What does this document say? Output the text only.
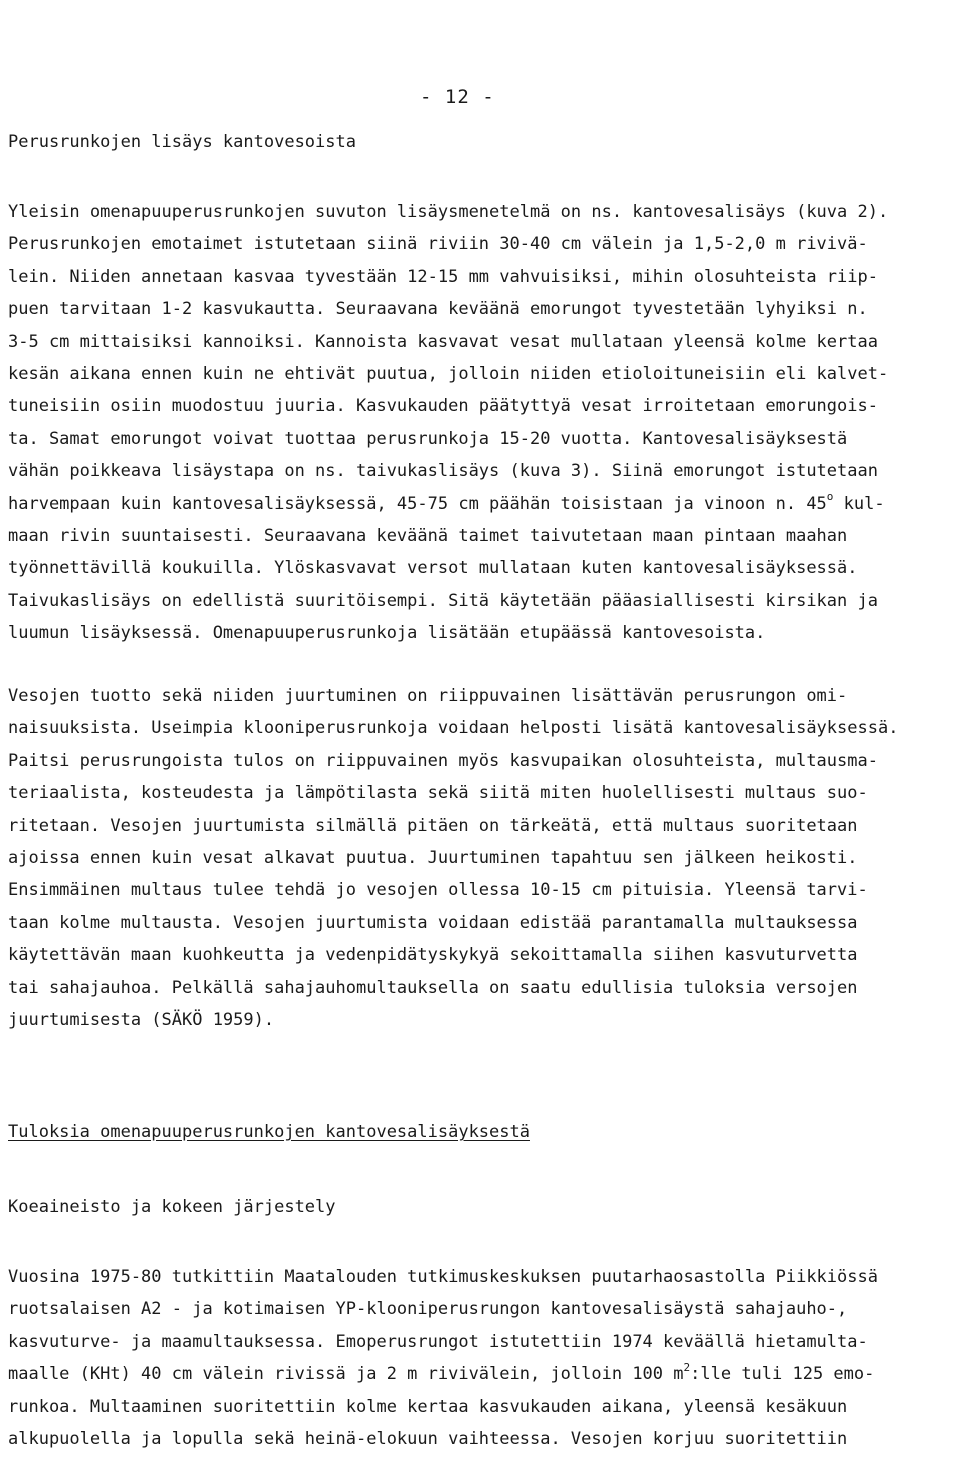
- 12 -
Perusrunkojen lisäys kantovesoista
Yleisin omenapuuperusrunkojen suvuton lisäysmenetelmä on ns. kantovesalisäys (kuva 2).
Perusrunkojen emotaimet istutetaan siinä riviin 30-40 cm välein ja 1,5-2,0 m rivivä-
lein. Niiden annetaan kasvaa tyvestään 12-15 mm vahvuisiksi, mihin olosuhteista riip-
puen tarvitaan 1-2 kasvukautta. Seuraavana keväänä emorungot tyvestetään lyhyiksi n.
3-5 cm mittaisiksi kannoiksi. Kannoista kasvavat vesat mullataan yleensä kolme kertaa
kesän aikana ennen kuin ne ehtivät puutua, jolloin niiden etioloituneisiin eli kalvet-
tuneisiin osiin muodostuu juuria. Kasvukauden päätyttyä vesat irroitetaan emorungois-
ta. Samat emorungot voivat tuottaa perusrunkoja 15-20 vuotta. Kantovesalisäyksestä
vähän poikkeava lisäystapa on ns. taivukaslisäys (kuva 3). Siinä emorungot istutetaan
harvempaan kuin kantovesalisäyksessä, 45-75 cm päähän toisistaan ja vinoon n. 45$^o$ kul-
maan rivin suuntaisesti. Seuraavana keväänä taimet taivutetaan maan pintaan maahan
työnnettävillä koukuilla. Ylöskasvavat versot mullataan kuten kantovesalisäyksessä.
Taivukaslisäys on edellistä suuritöisempi. Sitä käytetään pääasiallisesti kirsikan ja
luumun lisäyksessä. Omenapuuperusrunkoja lisätään etupäässä kantovesoista.
Vesojen tuotto sekä niiden juurtuminen on riippuvainen lisättävän perusrungon omi-
naisuuksista. Useimpia klooniperusrunkoja voidaan helposti lisätä kantovesalisäyksessä.
Paitsi perusrungoista tulos on riippuvainen myös kasvupaikan olosuhteista, multausma-
teriaalista, kosteudesta ja lämpötilasta sekä siitä miten huolellisesti multaus suo-
ritetaan. Vesojen juurtumista silmällä pitäen on tärkeätä, että multaus suoritetaan
ajoissa ennen kuin vesat alkavat puutua. Juurtuminen tapahtuu sen jälkeen heikosti.
Ensimmäinen multaus tulee tehdä jo vesojen ollessa 10-15 cm pituisia. Yleensä tarvi-
taan kolme multausta. Vesojen juurtumista voidaan edistää parantamalla multauksessa
käytettävän maan kuohkeutta ja vedenpidätyskykyä sekoittamalla siihen kasvuturvetta
tai sahajauhoa. Pelkällä sahajauhomultauksella on saatu edullisia tuloksia versojen
juurtumisesta (SÄKÖ 1959).
Tuloksia omenapuuperusrunkojen kantovesalisäyksestä
Koeaineisto ja kokeen järjestely
Vuosina 1975-80 tutkittiin Maatalouden tutkimuskeskuksen puutarhaosastolla Piikkiössä
ruotsalaisen A2 - ja kotimaisen YP-klooniperusrungon kantovesalisäystä sahajauho-,
kasvuturve- ja maamultauksessa. Emoperusrungot istutettiin 1974 keväällä hietamulta-
maalle (KHt) 40 cm välein rivissä ja 2 m rivivälein, jolloin 100 $m^2:lle$ tuli 125 emo-
runkoa. Multaaminen suoritettiin kolme kertaa kasvukauden aikana, yleensä kesäkuun
alkupuolella ja lopulla sekä heinä-elokuun vaihteessa. Vesojen korjuu suoritettiin
